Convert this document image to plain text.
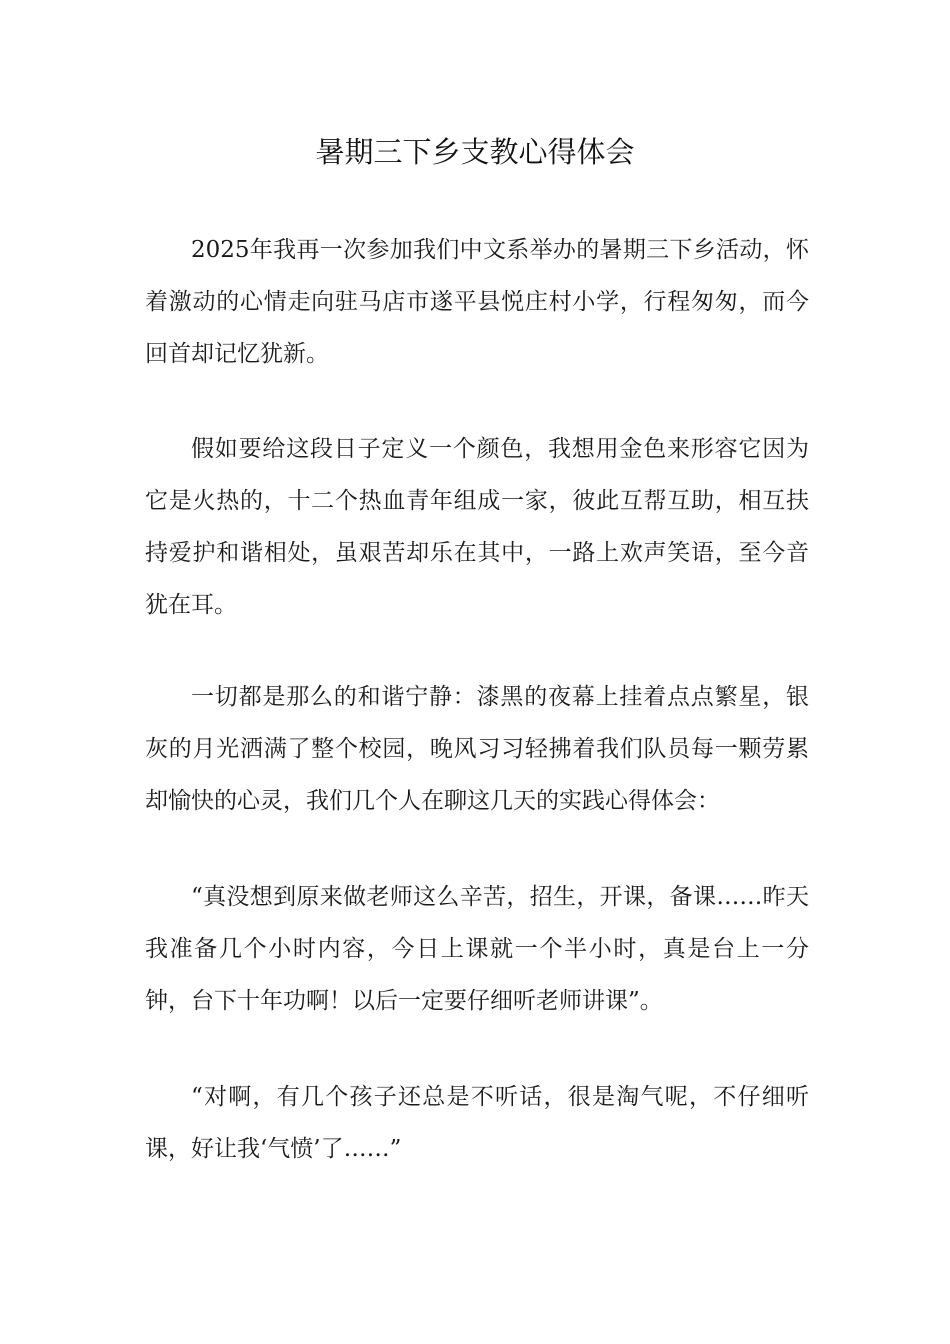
暑期三下乡支教心得体会

2025年我再一次参加我们中文系举办的暑期三下乡活动，怀着激动的心情走向驻马店市遂平县悦庄村小学，行程匆匆，而今回首却记忆犹新。

假如要给这段日子定义一个颜色，我想用金色来形容它因为它是火热的，十二个热血青年组成一家，彼此互帮互助，相互扶持爱护和谐相处，虽艰苦却乐在其中，一路上欢声笑语，至今音犹在耳。

一切都是那么的和谐宁静：漆黑的夜幕上挂着点点繁星，银灰的月光洒满了整个校园，晚风习习轻拂着我们队员每一颗劳累却愉快的心灵，我们几个人在聊这几天的实践心得体会：

“真没想到原来做老师这么辛苦，招生，开课，备课……昨天我准备几个小时内容，今日上课就一个半小时，真是台上一分钟，台下十年功啊！以后一定要仔细听老师讲课”。

“对啊，有几个孩子还总是不听话，很是淘气呢，不仔细听课，好让我‘气愤’了……”
